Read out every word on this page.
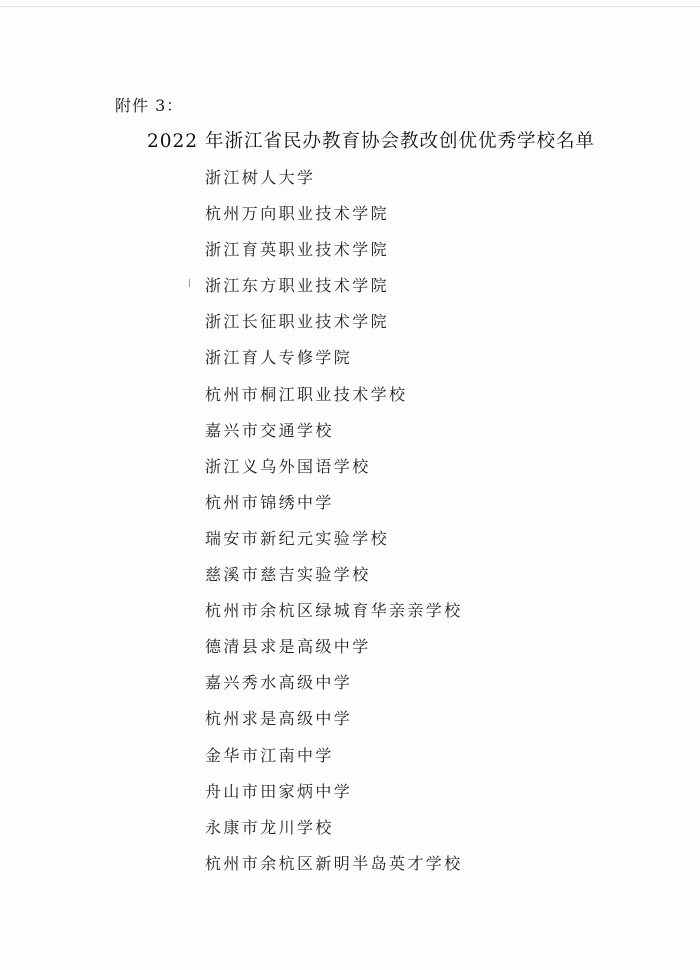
附件 3：
2022 年浙江省民办教育协会教改创优优秀学校名单
浙江树人大学
杭州万向职业技术学院
浙江育英职业技术学院
浙江东方职业技术学院
浙江长征职业技术学院
浙江育人专修学院
杭州市桐江职业技术学校
嘉兴市交通学校
浙江义乌外国语学校
杭州市锦绣中学
瑞安市新纪元实验学校
慈溪市慈吉实验学校
杭州市余杭区绿城育华亲亲学校
德清县求是高级中学
嘉兴秀水高级中学
杭州求是高级中学
金华市江南中学
舟山市田家炳中学
永康市龙川学校
杭州市余杭区新明半岛英才学校
